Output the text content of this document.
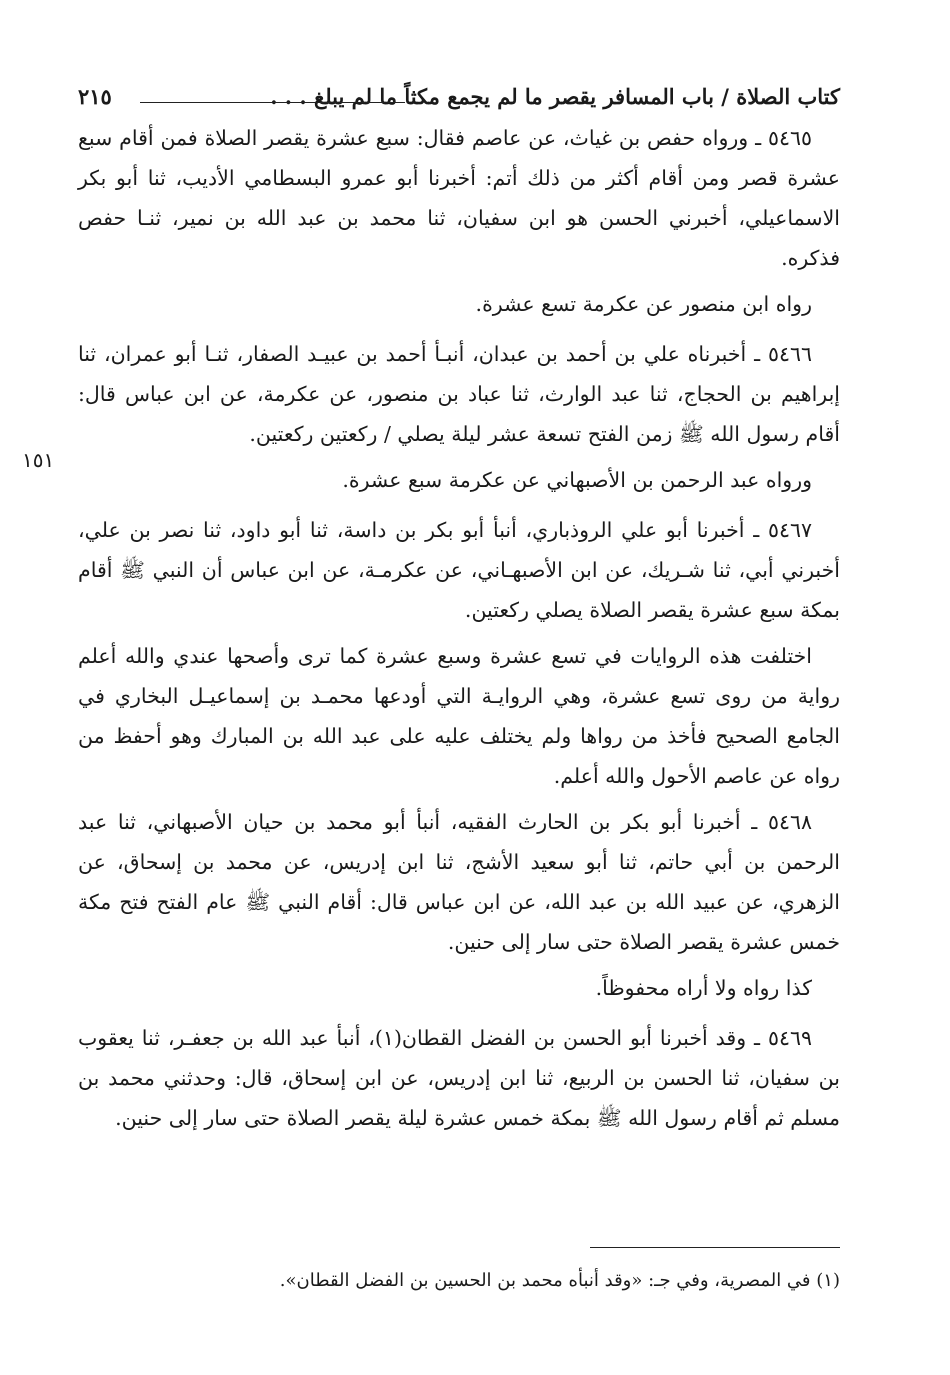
كتاب الصلاة / باب المسافر يقصر ما لم يجمع مكثاً ما لم يبلغ . . .
٢١٥

٥٤٦٥ ـ ورواه حفص بن غياث، عن عاصم فقال: سبع عشرة يقصر الصلاة فمن أقام سبع عشرة قصر ومن أقام أكثر من ذلك أتم: أخبرنا أبو عمرو البسطامي الأديب، ثنا أبو بكر الاسماعيلي، أخبرني الحسن هو ابن سفيان، ثنا محمد بن عبد الله بن نمير، ثنـا حفص فذكره.

رواه ابن منصور عن عكرمة تسع عشرة.

٥٤٦٦ ـ أخبرناه علي بن أحمد بن عبدان، أنبـأ أحمد بن عبيـد الصفار، ثنـا أبو عمران، ثنا إبراهيم بن الحجاج، ثنا عبد الوارث، ثنا عباد بن منصور، عن عكرمة، عن ابن عباس قال: أقام رسول الله ﷺ زمن الفتح تسعة عشر ليلة يصلي / ركعتين ركعتين.

ورواه عبد الرحمن بن الأصبهاني عن عكرمة سبع عشرة.

٥٤٦٧ ـ أخبرنا أبو علي الروذباري، أنبأ أبو بكر بن داسة، ثنا أبو داود، ثنا نصر بن علي، أخبرني أبي، ثنا شـريك، عن ابن الأصبهـاني، عن عكرمـة، عن ابن عباس أن النبي ﷺ أقام بمكة سبع عشرة يقصر الصلاة يصلي ركعتين.

اختلفت هذه الروايات في تسع عشرة وسبع عشرة كما ترى وأصحها عندي والله أعلم رواية من روى تسع عشرة، وهي الروايـة التي أودعها محمـد بن إسماعيـل البخاري في الجامع الصحيح فأخذ من رواها ولم يختلف عليه على عبد الله بن المبارك وهو أحفظ من رواه عن عاصم الأحول والله أعلم.

٥٤٦٨ ـ أخبرنا أبو بكر بن الحارث الفقيه، أنبأ أبو محمد بن حيان الأصبهاني، ثنا عبد الرحمن بن أبي حاتم، ثنا أبو سعيد الأشج، ثنا ابن إدريس، عن محمد بن إسحاق، عن الزهري، عن عبيد الله بن عبد الله، عن ابن عباس قال: أقام النبي ﷺ عام الفتح فتح مكة خمس عشرة يقصر الصلاة حتى سار إلى حنين.

كذا رواه ولا أراه محفوظاً.

٥٤٦٩ ـ وقد أخبرنا أبو الحسن بن الفضل القطان(١)، أنبأ عبد الله بن جعفـر، ثنا يعقوب بن سفيان، ثنا الحسن بن الربيع، ثنا ابن إدريس، عن ابن إسحاق، قال: وحدثني محمد بن مسلم ثم أقام رسول الله ﷺ بمكة خمس عشرة ليلة يقصر الصلاة حتى سار إلى حنين.

١٥١
(١) في المصرية، وفي جـ: «وقد أنبأه محمد بن الحسين بن الفضل القطان».
